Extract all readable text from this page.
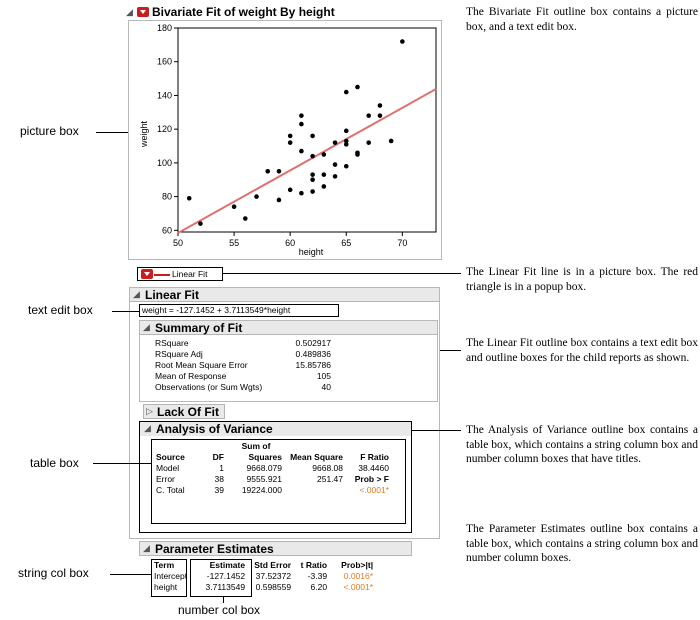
◢ Bivariate Fit of weight By height
60
80
100
120
140
160
180
50	55	60	65	70
height
weight
Linear Fit
◢ Linear Fit
weight = -127.1452 + 3.7113549*height
◢ Summary of Fit
RSquare	0.502917
RSquare Adj	0.489836
Root Mean Square Error	15.85786
Mean of Response	105
Observations (or Sum Wgts)	40
▷ Lack Of Fit
◢ Analysis of Variance
		Sum of		
Source	DF	Squares	Mean Square	F Ratio
Model	1	9668.079	9668.08	38.4460
Error	38	9555.921	251.47	Prob > F
C. Total	39	19224.000		<.0001*
◢ Parameter Estimates
Term	Estimate	Std Error	t Ratio	Prob>|t|
Intercept	-127.1452	37.52372	-3.39	0.0016*
height	3.7113549	0.598559	6.20	<.0001*
picture box
text edit box
table box
string col box
number col box
The Bivariate Fit outline box contains a picture box, and a text edit box.
The Linear Fit line is in a picture box. The red triangle is in a popup box.
The Linear Fit outline box contains a text edit box and outline boxes for the child reports as shown.
The Analysis of Variance outline box contains a table box, which contains a string column box and number column boxes that have titles.
The Parameter Estimates outline box contains a table box, which contains a string column box and number column boxes.
